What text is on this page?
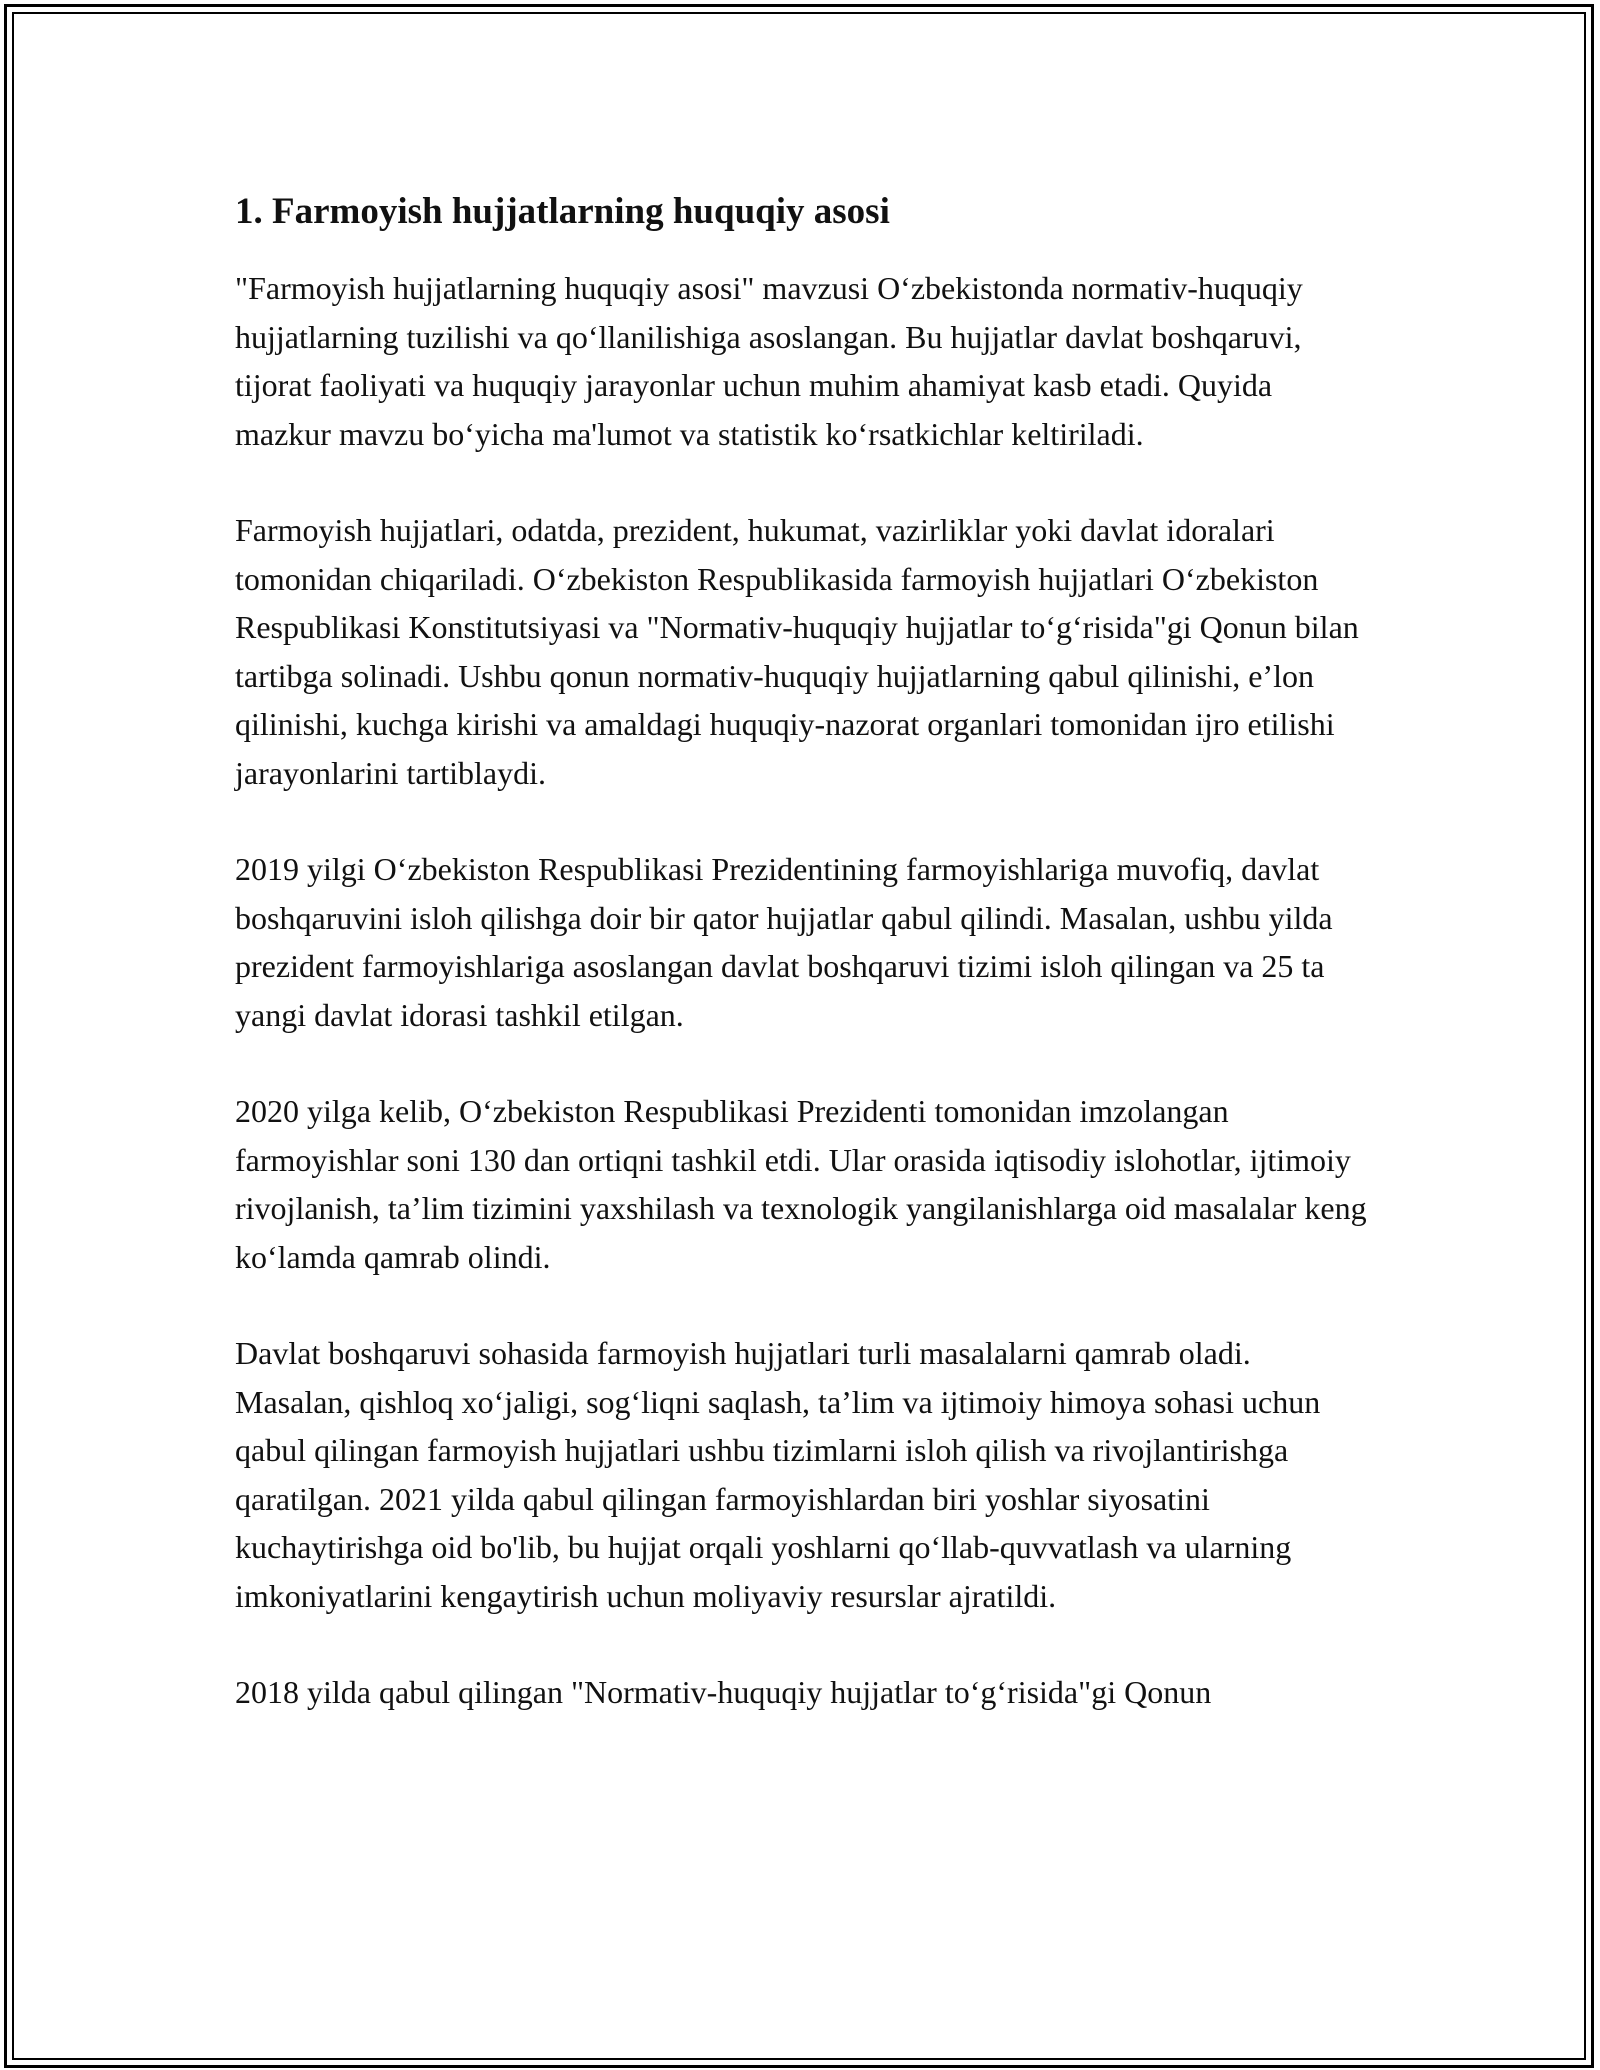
1. Farmoyish hujjatlarning huquqiy asosi

"Farmoyish hujjatlarning huquqiy asosi" mavzusi O‘zbekistonda normativ-huquqiy hujjatlarning tuzilishi va qo‘llanilishiga asoslangan. Bu hujjatlar davlat boshqaruvi, tijorat faoliyati va huquqiy jarayonlar uchun muhim ahamiyat kasb etadi. Quyida mazkur mavzu bo‘yicha ma'lumot va statistik ko‘rsatkichlar keltiriladi.

Farmoyish hujjatlari, odatda, prezident, hukumat, vazirliklar yoki davlat idoralari tomonidan chiqariladi. O‘zbekiston Respublikasida farmoyish hujjatlari O‘zbekiston Respublikasi Konstitutsiyasi va "Normativ-huquqiy hujjatlar to‘g‘risida"gi Qonun bilan tartibga solinadi. Ushbu qonun normativ-huquqiy hujjatlarning qabul qilinishi, e’lon qilinishi, kuchga kirishi va amaldagi huquqiy-nazorat organlari tomonidan ijro etilishi jarayonlarini tartiblaydi.

2019 yilgi O‘zbekiston Respublikasi Prezidentining farmoyishlariga muvofiq, davlat boshqaruvini isloh qilishga doir bir qator hujjatlar qabul qilindi. Masalan, ushbu yilda prezident farmoyishlariga asoslangan davlat boshqaruvi tizimi isloh qilingan va 25 ta yangi davlat idorasi tashkil etilgan.

2020 yilga kelib, O‘zbekiston Respublikasi Prezidenti tomonidan imzolangan farmoyishlar soni 130 dan ortiqni tashkil etdi. Ular orasida iqtisodiy islohotlar, ijtimoiy rivojlanish, ta’lim tizimini yaxshilash va texnologik yangilanishlarga oid masalalar keng ko‘lamda qamrab olindi.

Davlat boshqaruvi sohasida farmoyish hujjatlari turli masalalarni qamrab oladi. Masalan, qishloq xo‘jaligi, sog‘liqni saqlash, ta’lim va ijtimoiy himoya sohasi uchun qabul qilingan farmoyish hujjatlari ushbu tizimlarni isloh qilish va rivojlantirishga qaratilgan. 2021 yilda qabul qilingan farmoyishlardan biri yoshlar siyosatini kuchaytirishga oid bo'lib, bu hujjat orqali yoshlarni qo‘llab-quvvatlash va ularning imkoniyatlarini kengaytirish uchun moliyaviy resurslar ajratildi.

2018 yilda qabul qilingan "Normativ-huquqiy hujjatlar to‘g‘risida"gi Qonun
